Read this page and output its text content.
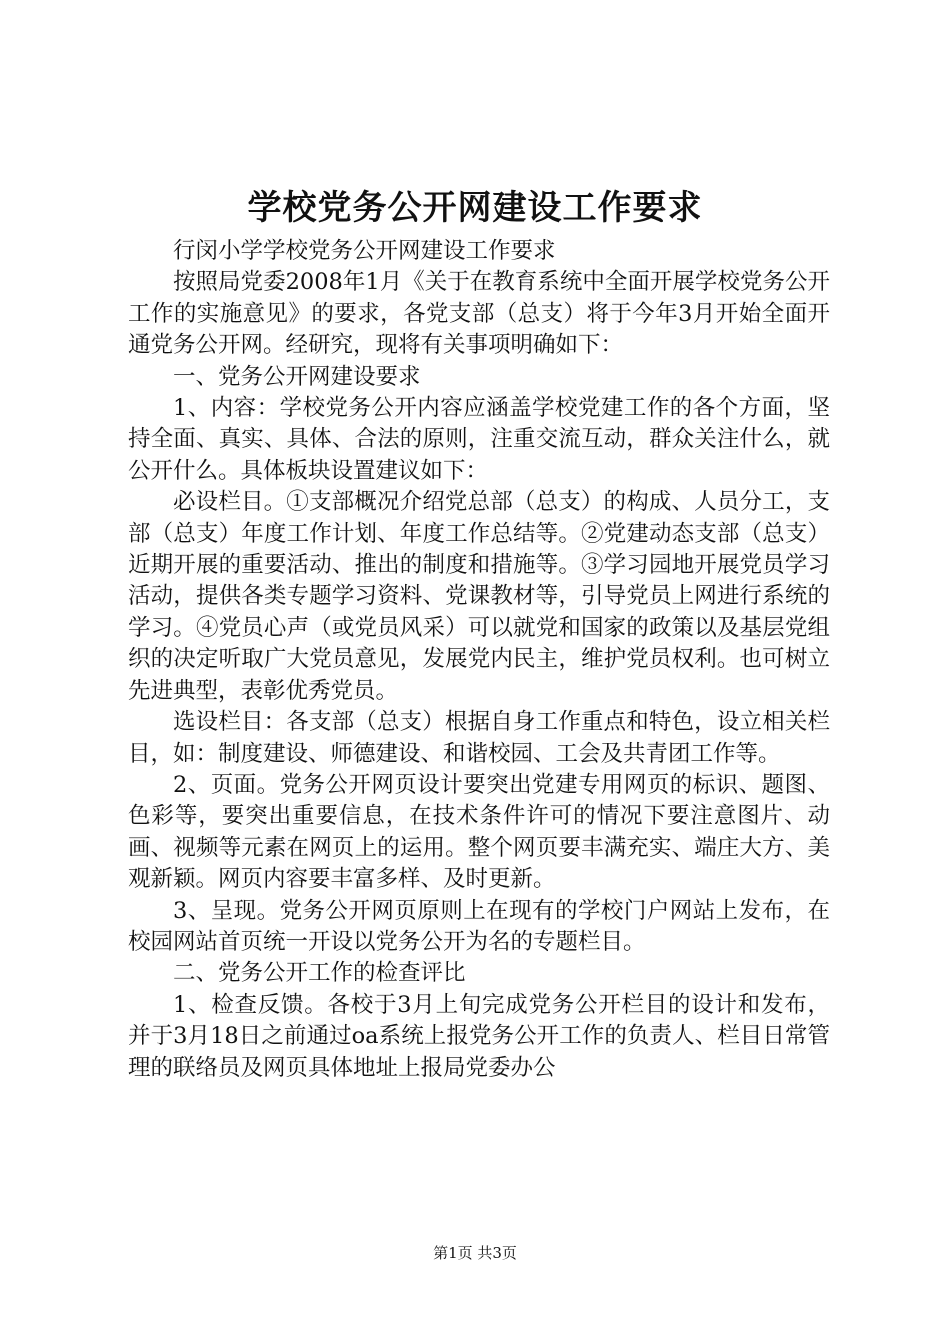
学校党务公开网建设工作要求

行闵小学学校党务公开网建设工作要求

按照局党委2008年1月《关于在教育系统中全面开展学校党务公开工作的实施意见》的要求，各党支部（总支）将于今年3月开始全面开通党务公开网。经研究，现将有关事项明确如下：

一、党务公开网建设要求

1、内容：学校党务公开内容应涵盖学校党建工作的各个方面，坚持全面、真实、具体、合法的原则，注重交流互动，群众关注什么，就公开什么。具体板块设置建议如下：

必设栏目。①支部概况介绍党总部（总支）的构成、人员分工，支部（总支）年度工作计划、年度工作总结等。②党建动态支部（总支）近期开展的重要活动、推出的制度和措施等。③学习园地开展党员学习活动，提供各类专题学习资料、党课教材等，引导党员上网进行系统的学习。④党员心声（或党员风采）可以就党和国家的政策以及基层党组织的决定听取广大党员意见，发展党内民主，维护党员权利。也可树立先进典型，表彰优秀党员。

选设栏目：各支部（总支）根据自身工作重点和特色，设立相关栏目，如：制度建设、师德建设、和谐校园、工会及共青团工作等。

2、页面。党务公开网页设计要突出党建专用网页的标识、题图、色彩等，要突出重要信息，在技术条件许可的情况下要注意图片、动画、视频等元素在网页上的运用。整个网页要丰满充实、端庄大方、美观新颖。网页内容要丰富多样、及时更新。

3、呈现。党务公开网页原则上在现有的学校门户网站上发布，在校园网站首页统一开设以党务公开为名的专题栏目。

二、党务公开工作的检查评比

1、检查反馈。各校于3月上旬完成党务公开栏目的设计和发布，并于3月18日之前通过oa系统上报党务公开工作的负责人、栏目日常管理的联络员及网页具体地址上报局党委办公

第1页 共3页
